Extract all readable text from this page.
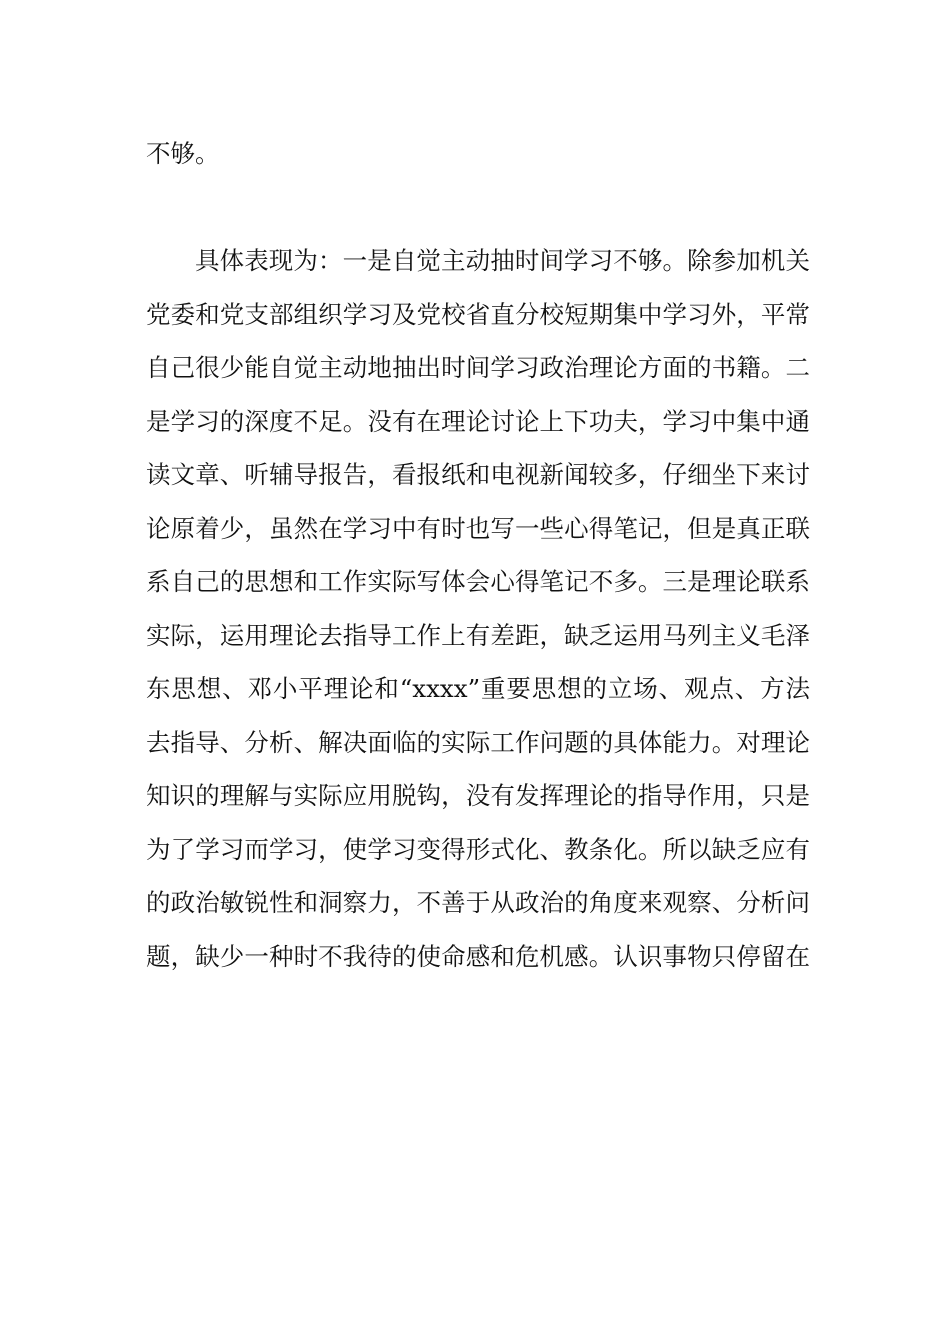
不够。
具体表现为：一是自觉主动抽时间学习不够。除参加机关
党委和党支部组织学习及党校省直分校短期集中学习外，平常
自己很少能自觉主动地抽出时间学习政治理论方面的书籍。二
是学习的深度不足。没有在理论讨论上下功夫，学习中集中通
读文章、听辅导报告，看报纸和电视新闻较多，仔细坐下来讨
论原着少，虽然在学习中有时也写一些心得笔记，但是真正联
系自己的思想和工作实际写体会心得笔记不多。三是理论联系
实际，运用理论去指导工作上有差距，缺乏运用马列主义毛泽
东思想、邓小平理论和“xxxx”重要思想的立场、观点、方法
去指导、分析、解决面临的实际工作问题的具体能力。对理论
知识的理解与实际应用脱钩，没有发挥理论的指导作用，只是
为了学习而学习，使学习变得形式化、教条化。所以缺乏应有
的政治敏锐性和洞察力，不善于从政治的角度来观察、分析问
题，缺少一种时不我待的使命感和危机感。认识事物只停留在
